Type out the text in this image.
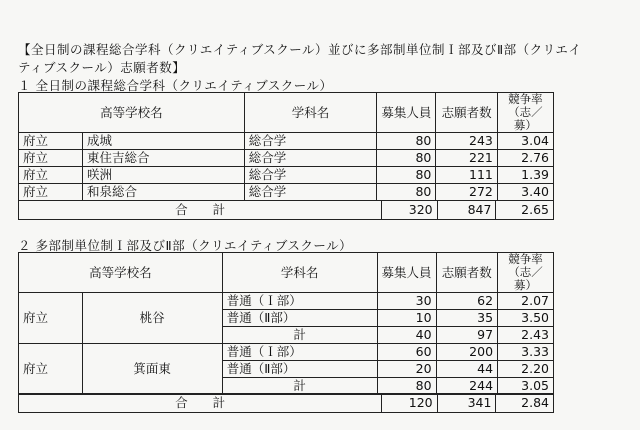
【全日制の課程総合学科（クリエイティブスクール）並びに多部制単位制Ｉ部及びⅡ部（クリエイ
ティブスクール）志願者数】
１ 全日制の課程総合学科（クリエイティブスクール）
高等学校名		学科名	募集人員	志願者数	競争率
（志／募）
府立	成城	総合学	80	243	3.04
府立	東住吉総合	総合学	80	221	2.76
府立	咲洲	総合学	80	111	1.39
府立	和泉総合	総合学	80	272	3.40
合　　計	320	847	2.65
２ 多部制単位制Ｉ部及びⅡ部（クリエイティブスクール）
高等学校名		学科名	募集人員	志願者数	競争率
（志／募）
府立	桃谷	普通（Ｉ部）	30	62	2.07
		普通（Ⅱ部）	10	35	3.50
		計	40	97	2.43
府立	箕面東	普通（Ｉ部）	60	200	3.33
		普通（Ⅱ部）	20	44	2.20
		計	80	244	3.05
合　　計	120	341	2.84
